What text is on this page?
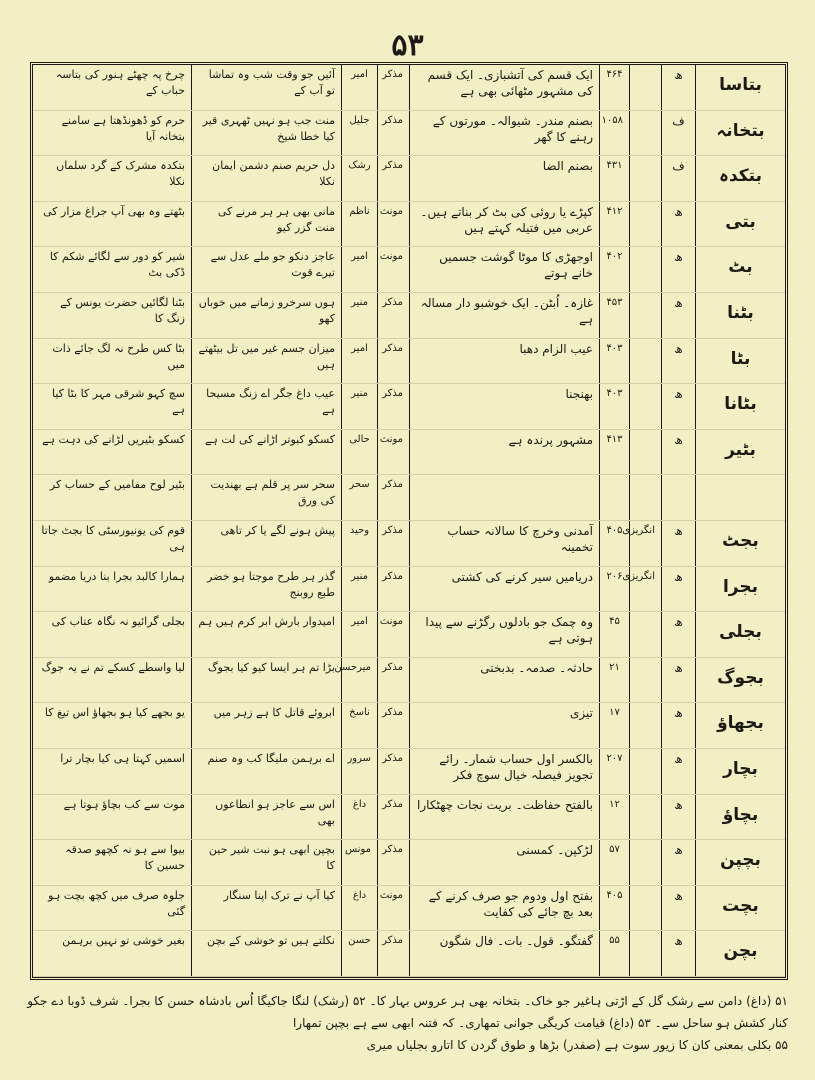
۵۳
بتاسا
ھ
۴۶۴
ایک قسم کی آتشبازی۔ ایک قسم کی مشہور مٹھائی بھی ہے
مذکر
امیر
آئیں جو وقت شب وہ تماشا تو آب کے
چرخ پہ چھٹے ہنور کی بتاسہ حباب کے
بتخانہ
ف
۱۰۵۸
بصنم مندر۔ شیوالہ۔ مورتوں کے رہنے کا گھر
مذکر
جلیل
منت جب ہو نہیں ٹھہری قیر کیا خطا شیخ
حرم کو ڈھونڈھتا ہے سامنے بتخانہ آیا
بتکدہ
ف
۴۳۱
بصنم الضا
مذکر
رشک
دل حریم صنم دشمن ایمان نکلا
بتکدہ مشرک کے گرد سلماں نکلا
بتی
ھ
۴۱۲
کپڑے یا روئی کی بٹ کر بناتے ہیں۔ عربی میں فتیلہ کہتے ہیں
مونث
ناظم
مانی بھی ہر ہر مرنے کی منت گزر کیو
بٹھتے وہ بھی آپ جراغ مزار کی
بٹ
ھ
۴۰۲
اوجھڑی کا موٹا گوشت جسمیں خانے ہوتے
مونث
امیر
عاجز دنکو جو ملے عدل سے تیرے قوت
شیر کو دور سے لگائے شکم کا ڈکی بٹ
بٹنا
ھ
۴۵۳
غازہ۔ اُبٹن۔ ایک خوشبو دار مسالہ ہے
مذکر
منیر
ہوں سرخرو زمانے میں خوباں کھو
بٹنا لگائیں حضرت یونس کے زنگ کا
بٹا
ھ
۴۰۳
عیب الزام دھبا
مذکر
امیر
میزان جسم غیر میں تل بیٹھتے ہیں
بٹا کس طرح نہ لگ جائے ذات میں
بٹانا
ھ
۴۰۳
بھنجنا
مذکر
منیر
عیب داغ جگر اے زنگ مسیحا ہے
سچ کہو شرقی مہر کا بٹا کیا ہے
بٹیر
ھ
۴۱۳
مشہور پرندہ ہے
مونث
حالی
کسکو کبوتر اڑانے کی لت ہے
کسکو بٹیریں لڑانے کی دہت ہے
مذکر
سحر
سحر سر پر قلم ہے بھندیت کی ورق
بٹیر لوح مفامیں کے حساب کر
بجٹ
ھ
انگریزی
۴۰۵
آمدنی وخرچ کا سالانہ حساب تخمینہ
مذکر
وحید
پیش ہونے لگے یا کر تاھی
قوم کی یونیورسٹی کا بجٹ جاتا ہی
بجرا
ھ
انگریزی
۲۰۶
دریامیں سیر کرنے کی کشتی
مذکر
منیر
گذر ہر طرح موجتا ہو خضر طبع روبنج
ہمارا کالبد بجرا بنا دریا مضمو
بجلی
ھ
۴۵
وہ چمک جو بادلوں رگڑنے سے پیدا ہوتی ہے
مونث
امیر
امیدوار بارش ابر کرم ہیں ہم
بجلی گرائیو نہ نگاہ عتاب کی
بجوگ
ھ
۲۱
حادثہ۔ صدمہ۔ بدبختی
مذکر
میرحسن
بڑا تم ہر ایسا کیو کیا بجوگ
لیا واسطے کسکے تم نے یہ جوگ
بجھاؤ
ھ
۱۷
تیزی
مذکر
ناسخ
ابروئے قاتل کا ہے زہر میں
یو بجھے کیا ہو بجھاؤ اس تیغ کا
بچار
ھ
۲۰۷
بالکسر اول حساب شمار۔ رائے تجویز فیصلہ خیال سوچ فکر
مذکر
سرور
اے برہمن ملیگا کب وہ صنم
اسمیں کہتا ہی کیا بچار ترا
بچاؤ
ھ
۱۲
بالفتح حفاظت۔ بریت نجات چھٹکارا
مذکر
داغ
اس سے عاجز ہو انطاعوں بھی
موت سے کب بچاؤ ہوتا ہے
بچپن
ھ
۵۷
لڑکپن۔ کمسنی
مذکر
مونس
بچپن ابھی ہو نبت شیر حین کا
بیوا سے ہو نہ کچھو صدقہ حسین کا
بچت
ھ
۴۰۵
بفتح اول ودوم جو صرف کرنے کے بعد بچ جائے کی کفایت
مونث
داغ
کیا آپ نے ترک اپنا سنگار
جلوہ صرف میں کچھ بچت ہو گئی
بچن
ھ
۵۵
گفتگو۔ قول۔ بات۔ فال شگون
مذکر
حسن
نکلتے ہیں تو خوشی کے بچن
بغیر خوشی تو نہیں برہمن
۵۱ (داغ) دامن سے رشک گل کے اڑتی ہاغیر جو خاک۔ بتخانہ بھی ہر عروس بہار کا۔ ۵۲ (رشک) لنگا جاکیگا اُس بادشاہ حسن کا بجرا۔ شرف ڈوبا دے جکو
کنار کشش ہو ساحل سے۔ ۵۳ (داغ) قیامت کریگی جوانی تمھاری۔ کہ فتنہ ابھی سے ہے بچپن تمھارا
۵۵ بکلی بمعنی کان کا زیور سوت ہے (صفدر) بڑھا و طوق گردن کا اتارو بجلیاں میری
